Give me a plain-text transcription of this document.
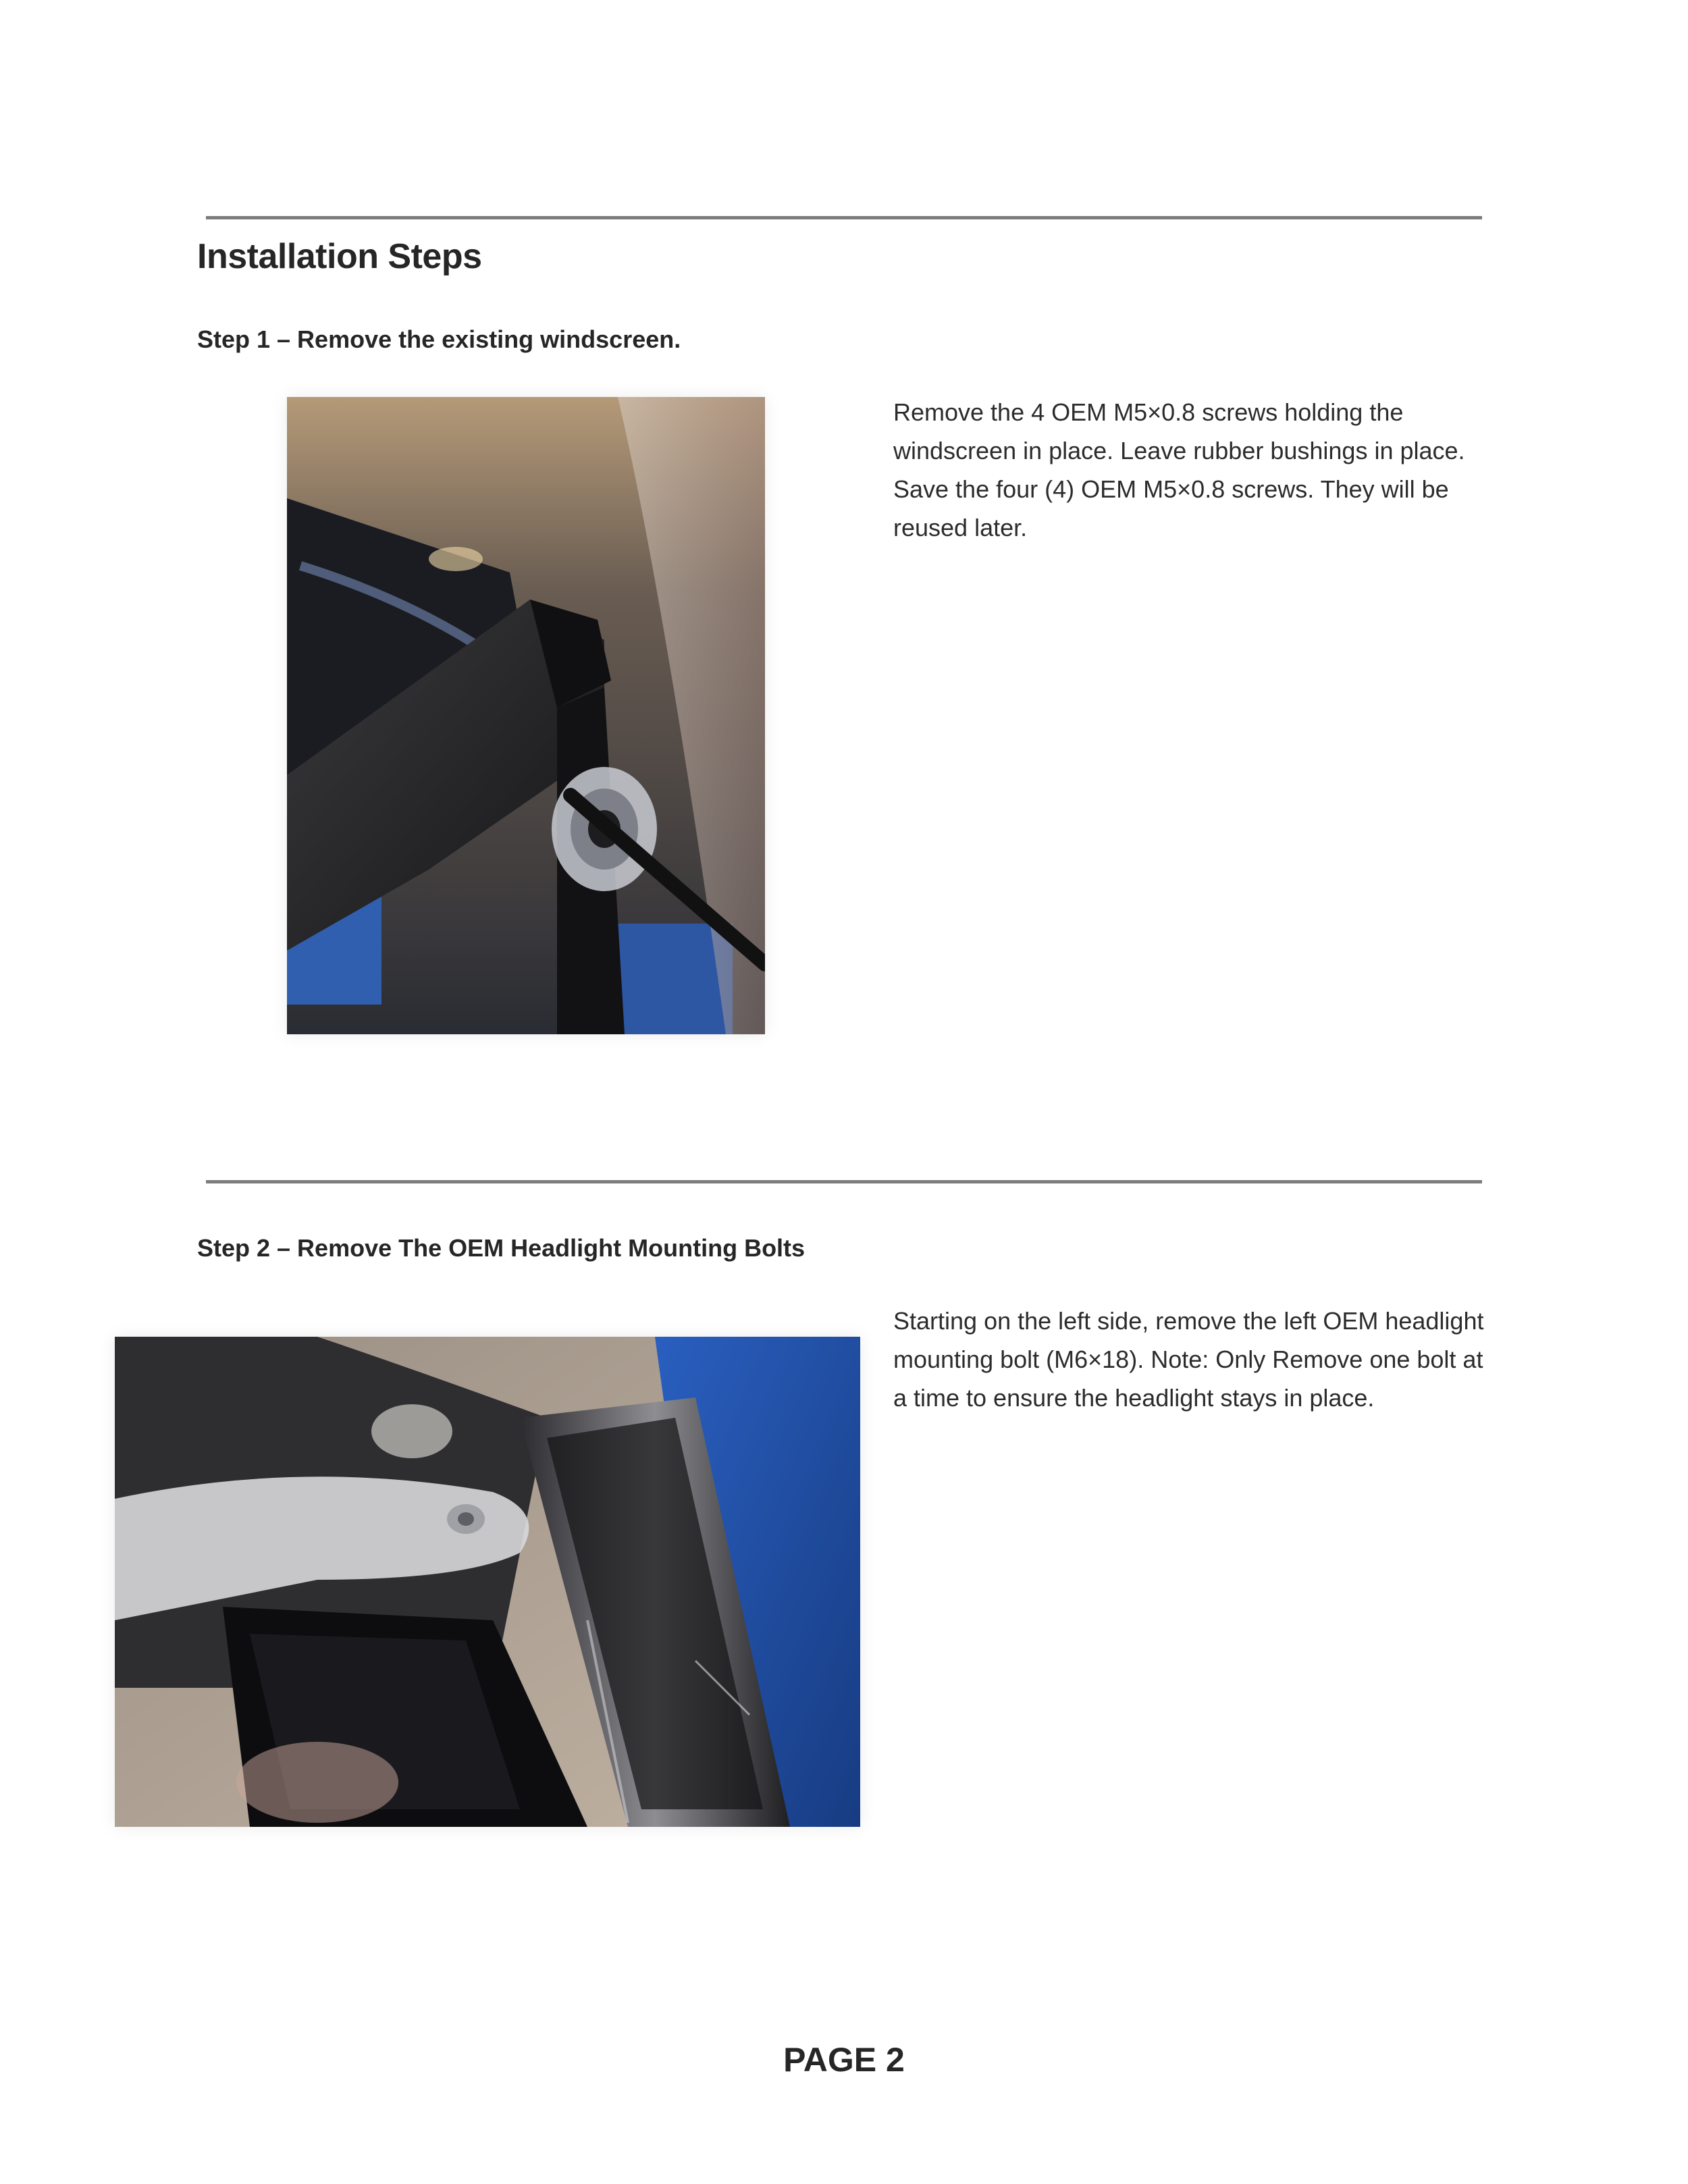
Installation Steps
Step 1 – Remove the existing windscreen.

Remove the 4 OEM M5×0.8 screws holding the windscreen in place. Leave rubber bushings in place. Save the four (4) OEM M5×0.8 screws. They will be reused later.

Step 2 – Remove The OEM Headlight Mounting Bolts

Starting on the left side, remove the left OEM headlight mounting bolt (M6×18). Note: Only Remove one bolt at a time to ensure the headlight stays in place.

PAGE 2
